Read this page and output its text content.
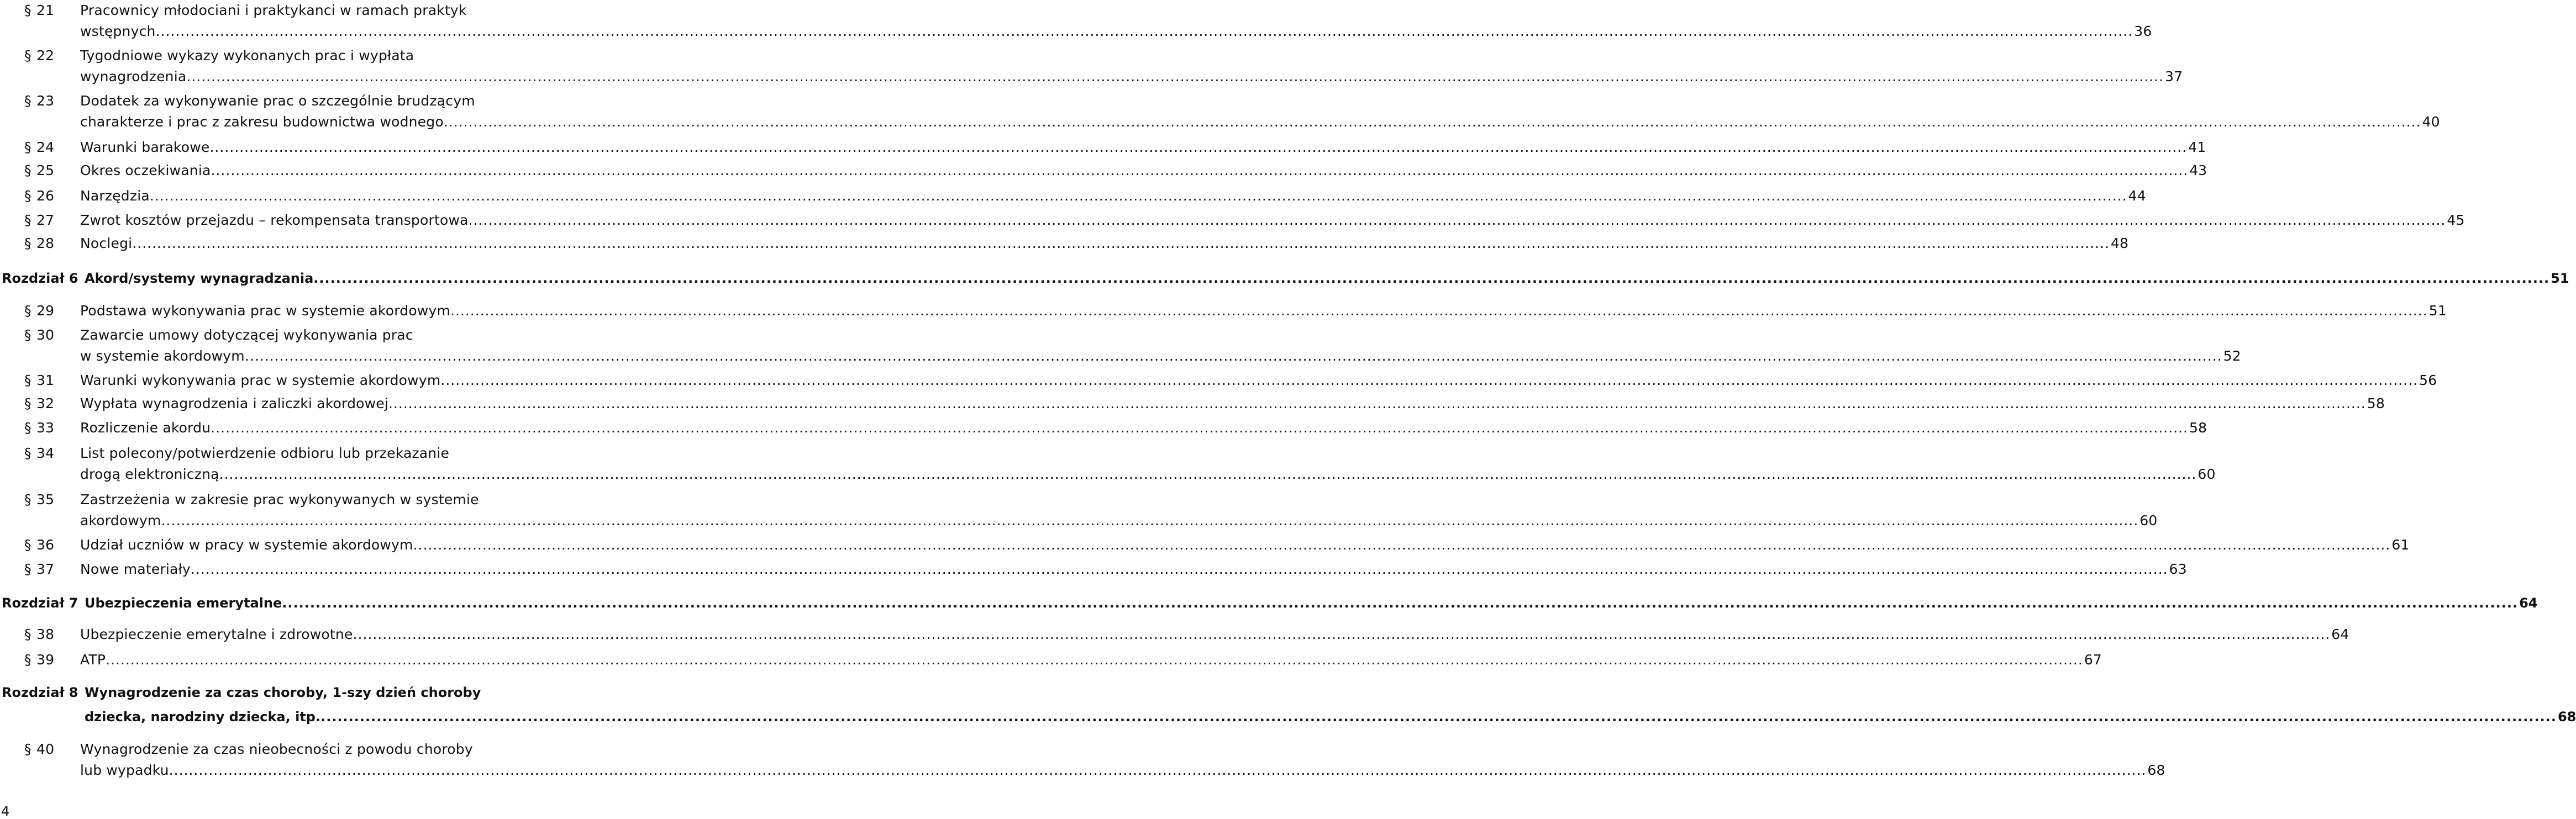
§ 21 Pracownicy młodociani i praktykanci w ramach praktyk
wstępnych ................................................................................................................................................................................................................................................................................................................................................................................................................ 36
§ 22 Tygodniowe wykazy wykonanych prac i wypłata
wynagrodzenia ................................................................................................................................................................................................................................................................................................................................................................................................................ 37
§ 23 Dodatek za wykonywanie prac o szczególnie brudzącym
charakterze i prac z zakresu budownictwa wodnego ................................................................................................................................................................................................................................................................................................................................................................................................................ 40
§ 24 Warunki barakowe ................................................................................................................................................................................................................................................................................................................................................................................................................ 41
§ 25 Okres oczekiwania ................................................................................................................................................................................................................................................................................................................................................................................................................ 43
§ 26 Narzędzia ................................................................................................................................................................................................................................................................................................................................................................................................................ 44
§ 27 Zwrot kosztów przejazdu – rekompensata transportowa ................................................................................................................................................................................................................................................................................................................................................................................................................ 45
§ 28 Noclegi ................................................................................................................................................................................................................................................................................................................................................................................................................ 48
Rozdział 6 Akord/systemy wynagradzania ................................................................................................................................................................................................................................................................................................................................................................................................................ 51
§ 29 Podstawa wykonywania prac w systemie akordowym ................................................................................................................................................................................................................................................................................................................................................................................................................ 51
§ 30 Zawarcie umowy dotyczącej wykonywania prac
w systemie akordowym ................................................................................................................................................................................................................................................................................................................................................................................................................ 52
§ 31 Warunki wykonywania prac w systemie akordowym ................................................................................................................................................................................................................................................................................................................................................................................................................ 56
§ 32 Wypłata wynagrodzenia i zaliczki akordowej ................................................................................................................................................................................................................................................................................................................................................................................................................ 58
§ 33 Rozliczenie akordu ................................................................................................................................................................................................................................................................................................................................................................................................................ 58
§ 34 List polecony/potwierdzenie odbioru lub przekazanie
drogą elektroniczną ................................................................................................................................................................................................................................................................................................................................................................................................................ 60
§ 35 Zastrzeżenia w zakresie prac wykonywanych w systemie
akordowym ................................................................................................................................................................................................................................................................................................................................................................................................................ 60
§ 36 Udział uczniów w pracy w systemie akordowym ................................................................................................................................................................................................................................................................................................................................................................................................................ 61
§ 37 Nowe materiały ................................................................................................................................................................................................................................................................................................................................................................................................................ 63
Rozdział 7 Ubezpieczenia emerytalne ................................................................................................................................................................................................................................................................................................................................................................................................................ 64
§ 38 Ubezpieczenie emerytalne i zdrowotne ................................................................................................................................................................................................................................................................................................................................................................................................................ 64
§ 39 ATP ................................................................................................................................................................................................................................................................................................................................................................................................................ 67
Rozdział 8 Wynagrodzenie za czas choroby, 1-szy dzień choroby
dziecka, narodziny dziecka, itp. ................................................................................................................................................................................................................................................................................................................................................................................................................ 68
§ 40 Wynagrodzenie za czas nieobecności z powodu choroby
lub wypadku ................................................................................................................................................................................................................................................................................................................................................................................................................ 68
4
